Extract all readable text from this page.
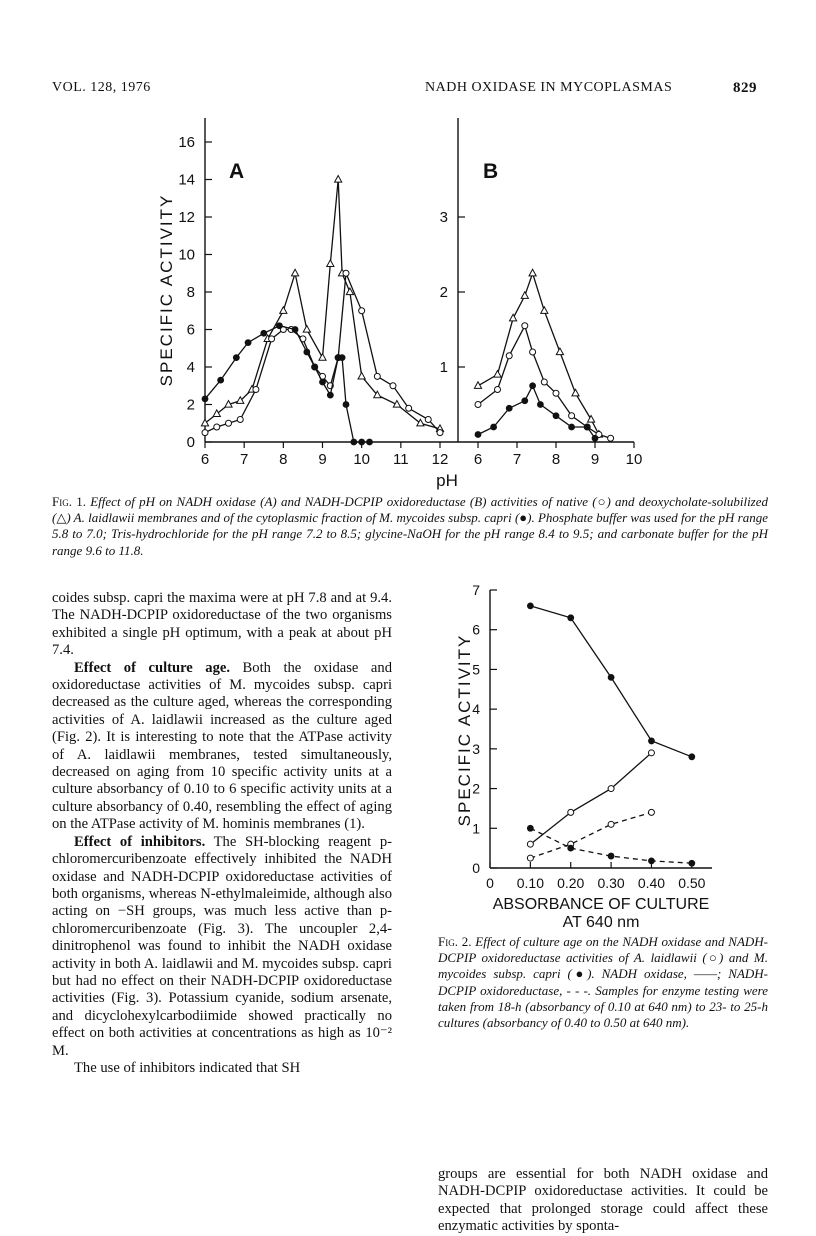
VOL. 128, 1976	NADH OXIDASE IN MYCOPLASMAS	829
SPECIFIC ACTIVITY
pH
A	B
6 7 8 9 10 11 12
0
2
4
6
8
10
12
14
16
6 7 8 9 10
1
2
3
Fig. 1. Effect of pH on NADH oxidase (A) and NADH-DCPIP oxidoreductase (B) activities of native (○) and deoxycholate-solubilized (△) A. laidlawii membranes and of the cytoplasmic fraction of M. mycoides subsp. capri (●). Phosphate buffer was used for the pH range 5.8 to 7.0; Tris-hydrochloride for the pH range 7.2 to 8.5; glycine-NaOH for the pH range 8.4 to 9.5; and carbonate buffer for the pH range 9.6 to 11.8.
SPECIFIC ACTIVITY
ABSORBANCE OF CULTURE
AT 640 nm
0 0.10 0.20 0.30 0.40 0.50
0
1
2
3
4
5
6
7
Fig. 2. Effect of culture age on the NADH oxidase and NADH-DCPIP oxidoreductase activities of A. laidlawii (○) and M. mycoides subsp. capri (●). NADH oxidase, ——; NADH-DCPIP oxidoreductase, - - -. Samples for enzyme testing were taken from 18-h (absorbancy of 0.10 at 640 nm) to 23- to 25-h cultures (absorbancy of 0.40 to 0.50 at 640 nm).

coides subsp. capri the maxima were at pH 7.8 and at 9.4. The NADH-DCPIP oxidoreductase of the two organisms exhibited a single pH optimum, with a peak at about pH 7.4.

Effect of culture age. Both the oxidase and oxidoreductase activities of M. mycoides subsp. capri decreased as the culture aged, whereas the corresponding activities of A. laidlawii increased as the culture aged (Fig. 2). It is interesting to note that the ATPase activity of A. laidlawii membranes, tested simultaneously, decreased on aging from 10 specific activity units at a culture absorbancy of 0.10 to 6 specific activity units at a culture absorbancy of 0.40, resembling the effect of aging on the ATPase activity of M. hominis membranes (1).

Effect of inhibitors. The SH-blocking reagent p-chloromercuribenzoate effectively inhibited the NADH oxidase and NADH-DCPIP oxidoreductase activities of both organisms, whereas N-ethylmaleimide, although also acting on −SH groups, was much less active than p-chloromercuribenzoate (Fig. 3). The uncoupler 2,4-dinitrophenol was found to inhibit the NADH oxidase activity in both A. laidlawii and M. mycoides subsp. capri but had no effect on their NADH-DCPIP oxidoreductase activities (Fig. 3). Potassium cyanide, sodium arsenate, and dicyclohexylcarbodiimide showed practically no effect on both activities at concentrations as high as 10⁻² M.

The use of inhibitors indicated that SH

groups are essential for both NADH oxidase and NADH-DCPIP oxidoreductase activities. It could be expected that prolonged storage could affect these enzymatic activities by sponta-
